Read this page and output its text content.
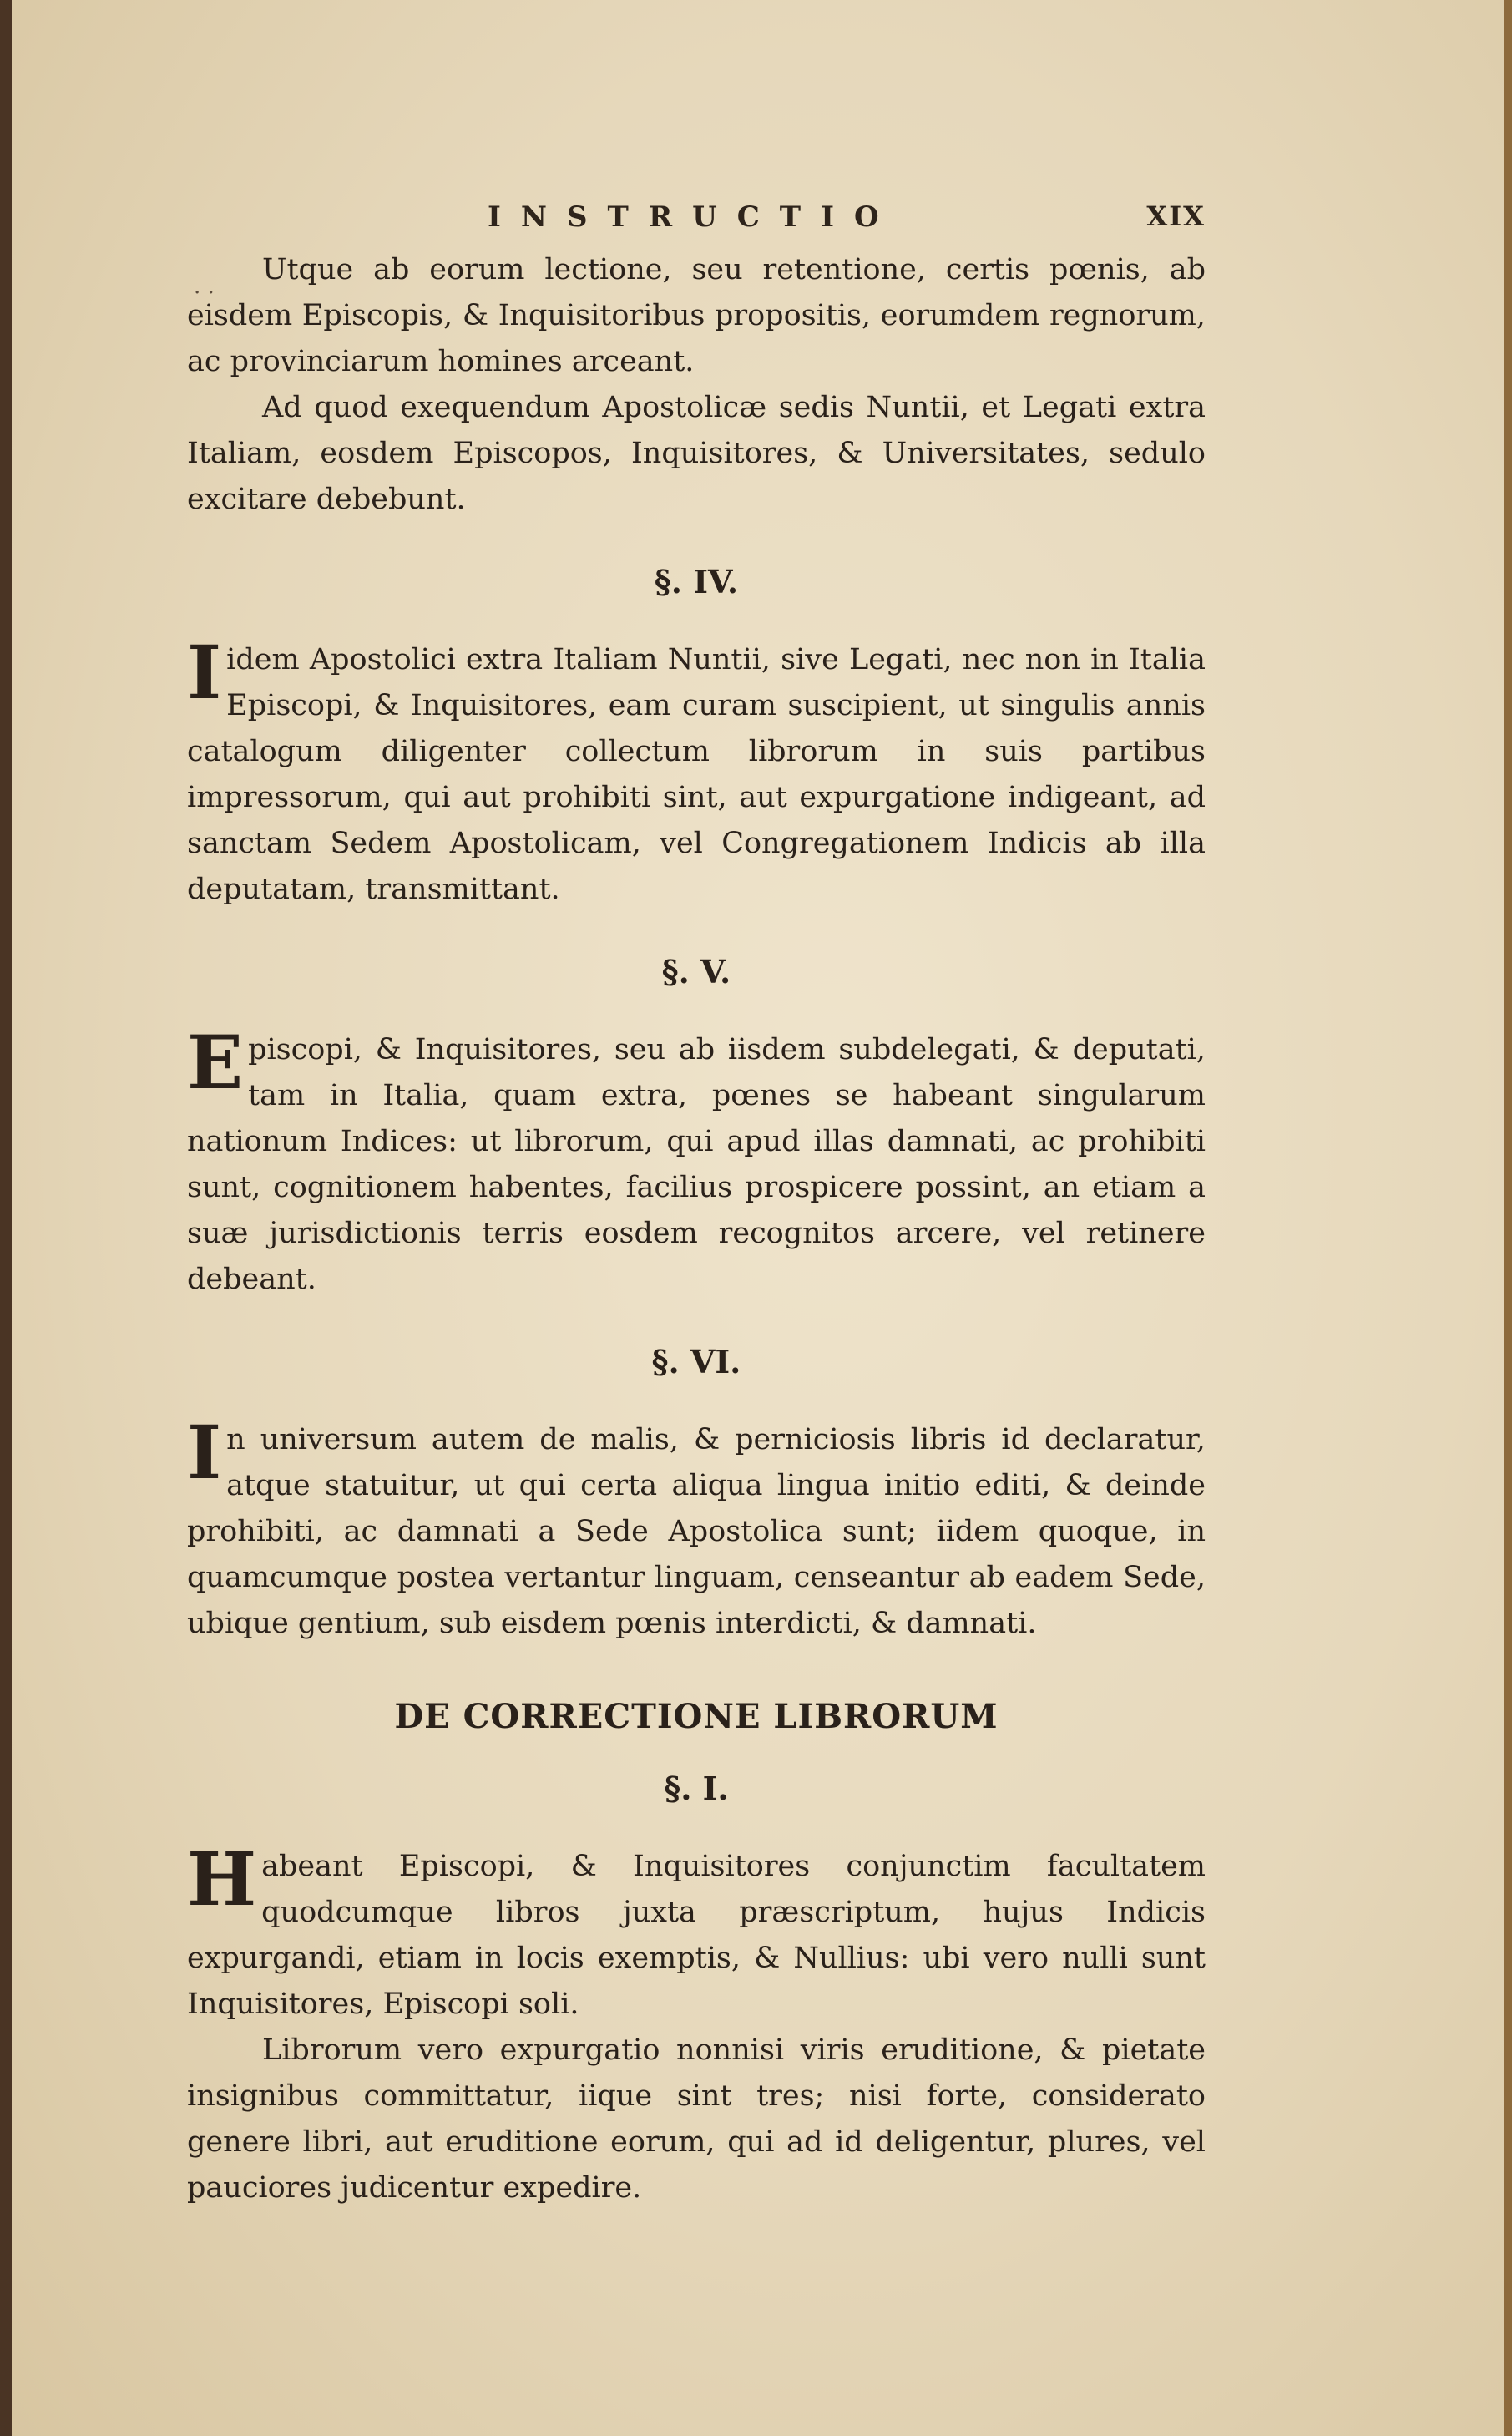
. .
INSTRUCTIO	XIX

Utque ab eorum lectione, seu retentione, certis pœnis, ab eisdem Episcopis, & Inquisitoribus propositis, eorumdem regnorum, ac provinciarum homines arceant.

Ad quod exequendum Apostolicæ sedis Nuntii, et Legati extra Italiam, eosdem Episcopos, Inquisitores, & Universitates, sedulo excitare debebunt.

§. IV.

Iidem Apostolici extra Italiam Nuntii, sive Legati, nec non in Italia Episcopi, & Inquisitores, eam curam suscipient, ut singulis annis catalogum diligenter collectum librorum in suis partibus impressorum, qui aut prohibiti sint, aut expurgatione indigeant, ad sanctam Sedem Apostolicam, vel Congregationem Indicis ab illa deputatam, transmittant.

§. V.

Episcopi, & Inquisitores, seu ab iisdem subdelegati, & deputati, tam in Italia, quam extra, pœnes se habeant singularum nationum Indices: ut librorum, qui apud illas damnati, ac prohibiti sunt, cognitionem habentes, facilius prospicere possint, an etiam a suæ jurisdictionis terris eosdem recognitos arcere, vel retinere debeant.

§. VI.

In universum autem de malis, & perniciosis libris id declaratur, atque statuitur, ut qui certa aliqua lingua initio editi, & deinde prohibiti, ac damnati a Sede Apostolica sunt; iidem quoque, in quamcumque postea vertantur linguam, censeantur ab eadem Sede, ubique gentium, sub eisdem pœnis interdicti, & damnati.

DE CORRECTIONE LIBRORUM
§. I.

Habeant Episcopi, & Inquisitores conjunctim facultatem quodcumque libros juxta præscriptum, hujus Indicis expurgandi, etiam in locis exemptis, & Nullius: ubi vero nulli sunt Inquisitores, Episcopi soli.

Librorum vero expurgatio nonnisi viris eruditione, & pietate insignibus committatur, iique sint tres; nisi forte, considerato genere libri, aut eruditione eorum, qui ad id deligentur, plures, vel pauciores judicentur expedire.
